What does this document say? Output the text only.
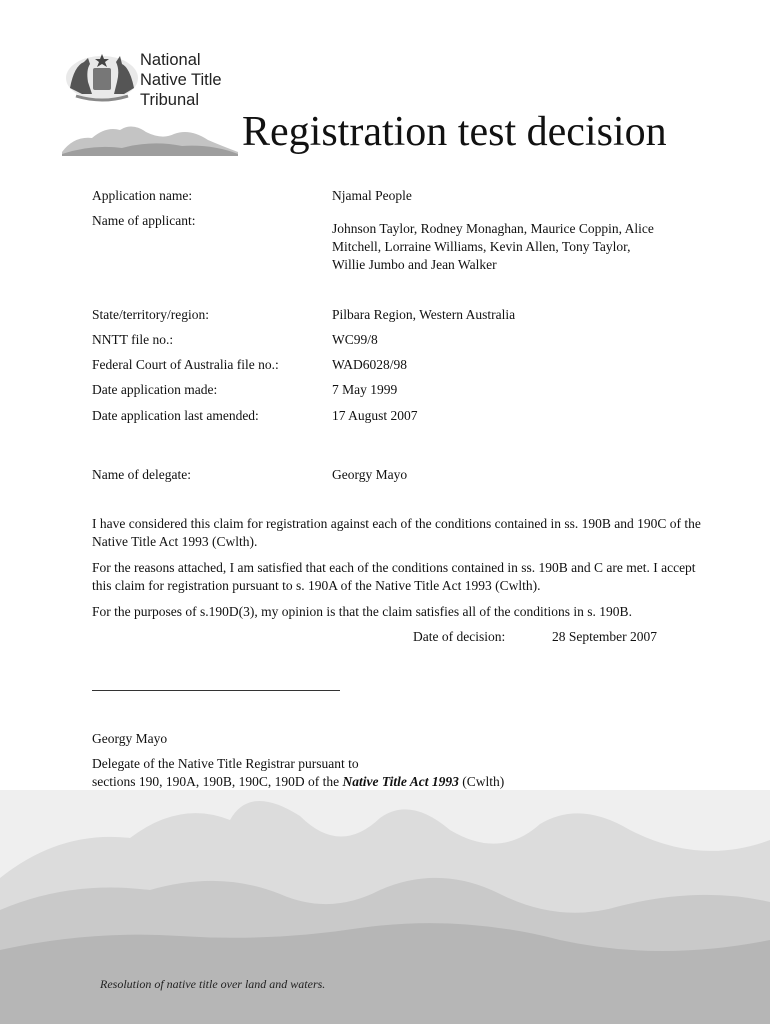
National
Native Title
Tribunal
Registration test decision
Application name:	Njamal People
Name of applicant:
Johnson Taylor, Rodney Monaghan, Maurice Coppin, Alice
Mitchell, Lorraine Williams, Kevin Allen, Tony Taylor,
Willie Jumbo and Jean Walker
State/territory/region:	Pilbara Region, Western Australia
NNTT file no.:	WC99/8
Federal Court of Australia file no.:	WAD6028/98
Date application made:	7 May 1999
Date application last amended:	17 August 2007
Name of delegate:	Georgy Mayo
I have considered this claim for registration against each of the conditions contained in ss. 190B and 190C of the Native Title Act 1993 (Cwlth).
For the reasons attached, I am satisfied that each of the conditions contained in ss. 190B and C are met. I accept this claim for registration pursuant to s. 190A of the Native Title Act 1993 (Cwlth).
For the purposes of s.190D(3), my opinion is that the claim satisfies all of the conditions in s. 190B.
Date of decision:	28 September 2007
Georgy Mayo
Delegate of the Native Title Registrar pursuant to
sections 190, 190A, 190B, 190C, 190D of the Native Title Act 1993 (Cwlth)
Resolution of native title over land and waters.
